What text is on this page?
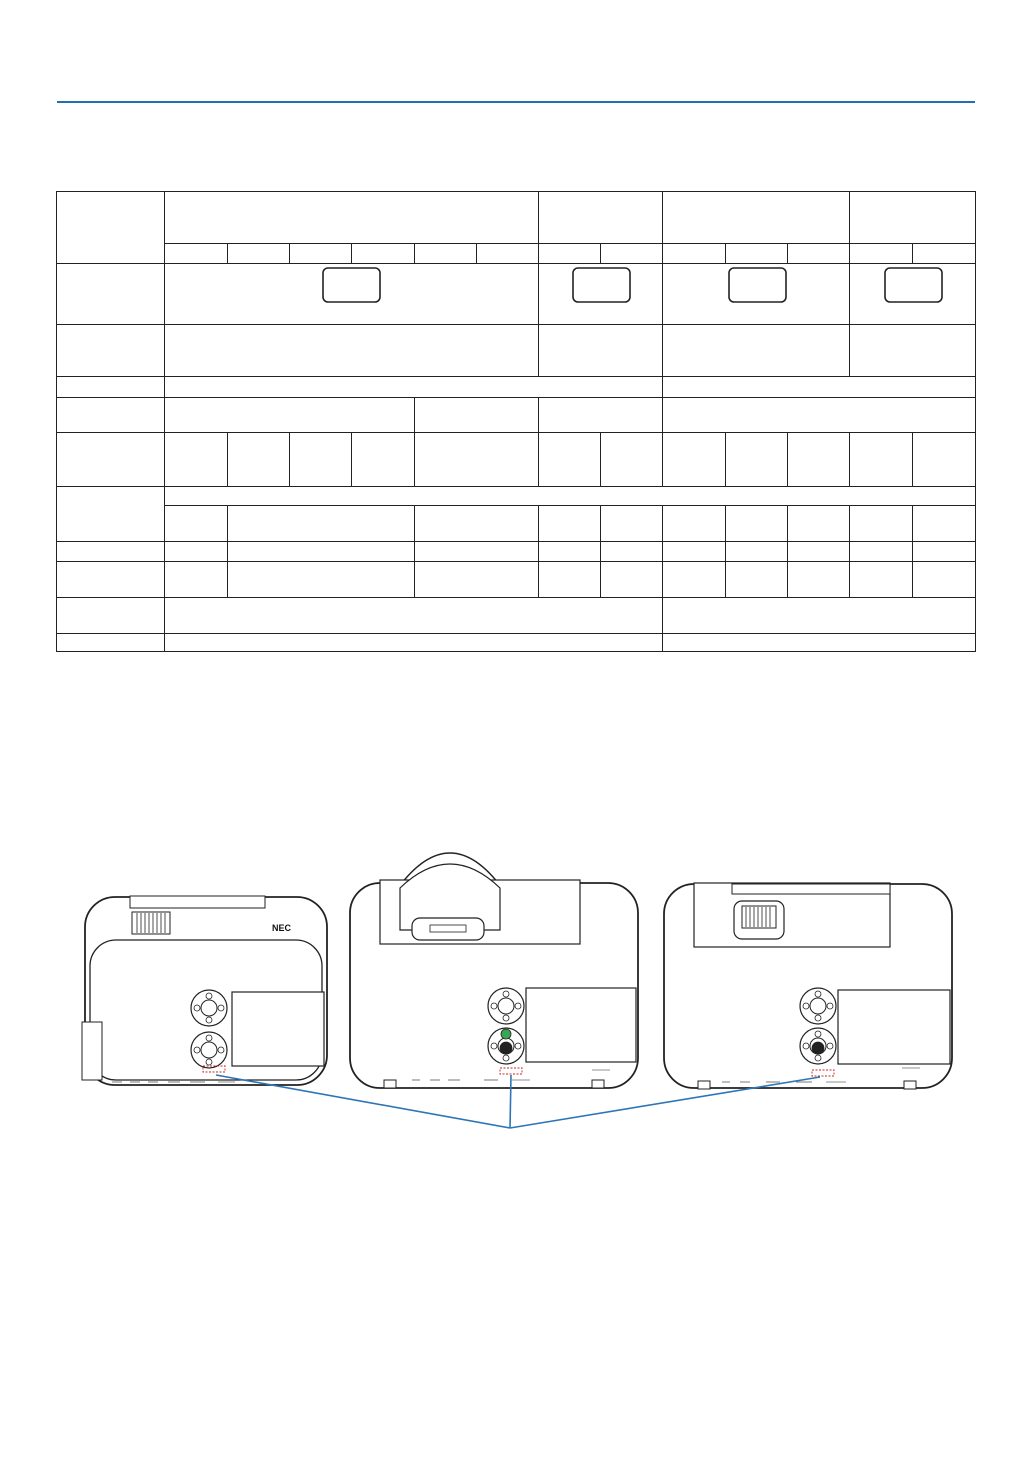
NEC
